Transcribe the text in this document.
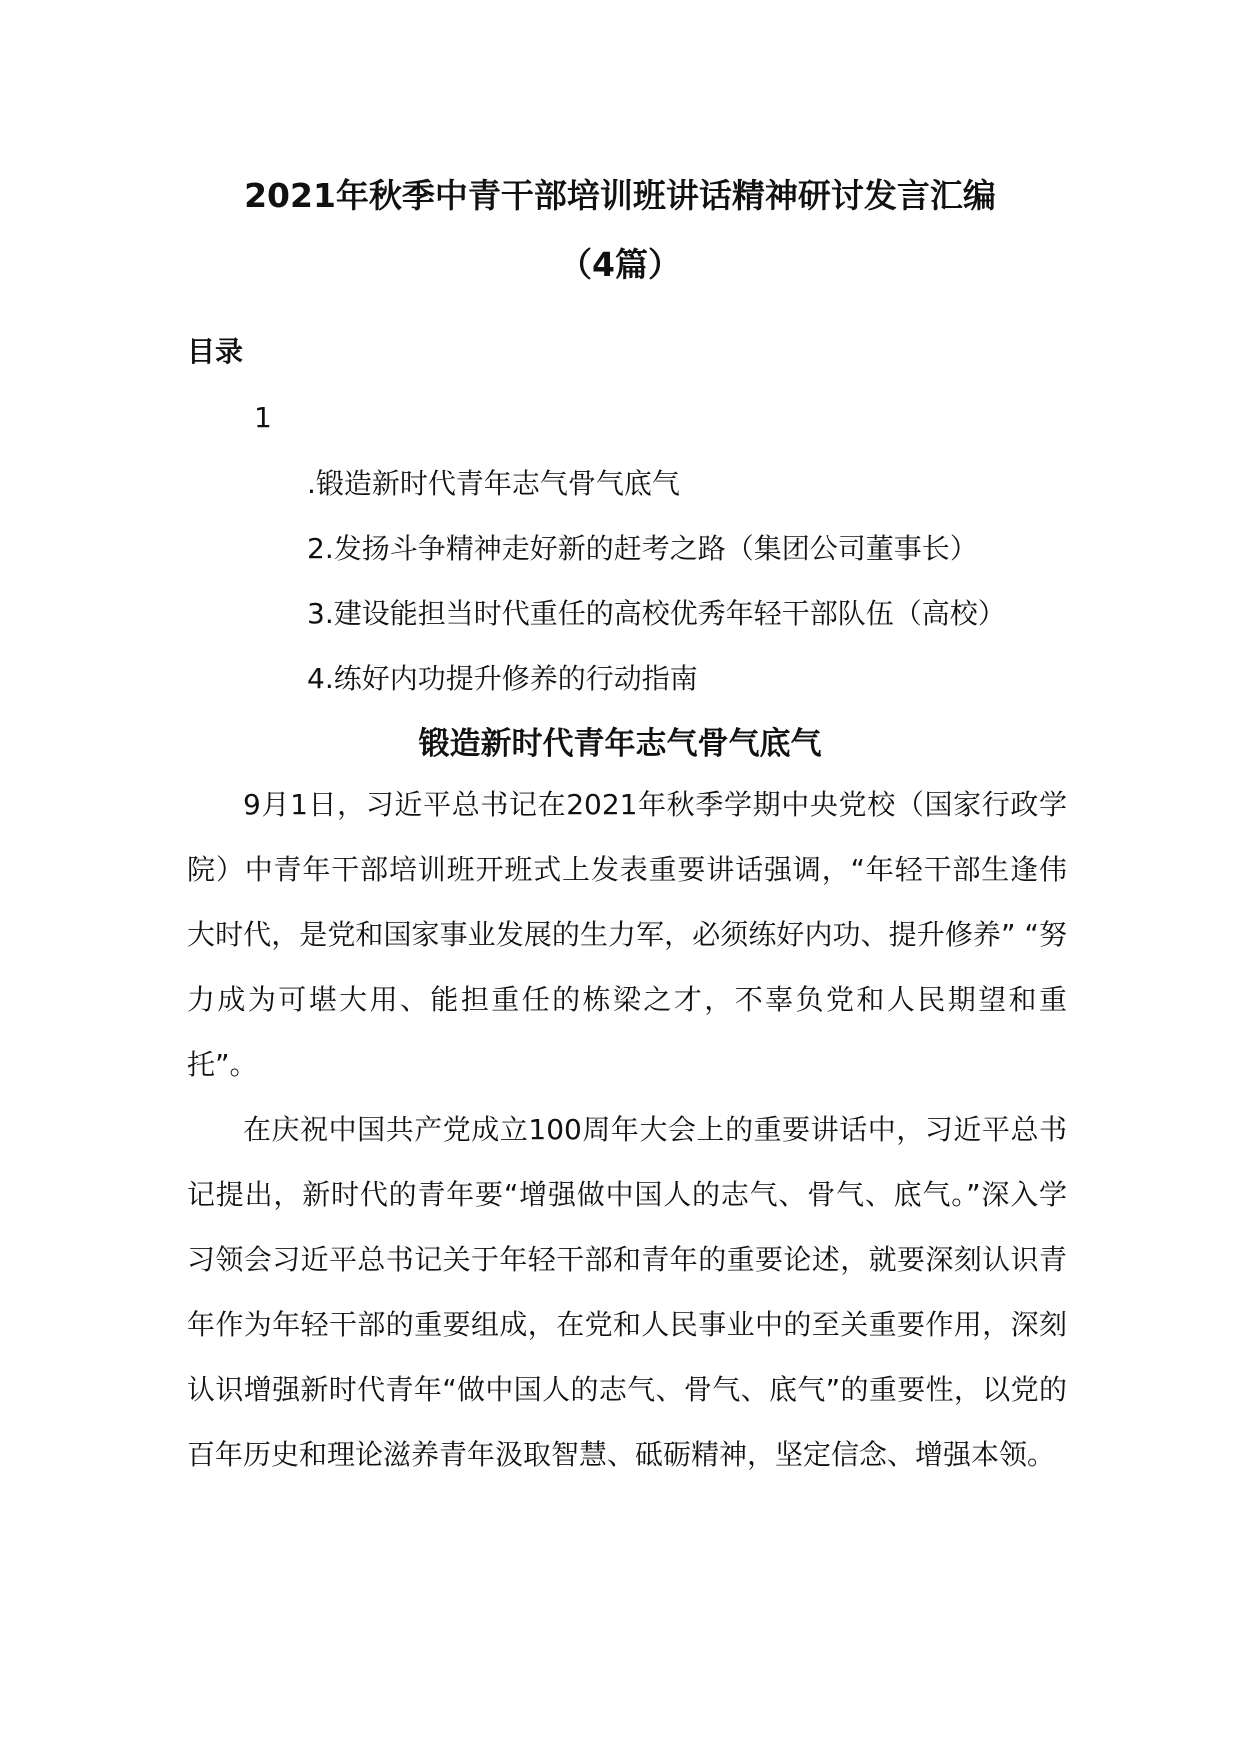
2021年秋季中青干部培训班讲话精神研讨发言汇编
（4篇）
目录
1
.锻造新时代青年志气骨气底气
2.发扬斗争精神走好新的赶考之路（集团公司董事长）
3.建设能担当时代重任的高校优秀年轻干部队伍（高校）
4.练好内功提升修养的行动指南
锻造新时代青年志气骨气底气

9月1日，习近平总书记在2021年秋季学期中央党校（国家行政学院）中青年干部培训班开班式上发表重要讲话强调，“年轻干部生逢伟大时代，是党和国家事业发展的生力军，必须练好内功、提升修养” “努力成为可堪大用、能担重任的栋梁之才，不辜负党和人民期望和重托”。

在庆祝中国共产党成立100周年大会上的重要讲话中，习近平总书记提出，新时代的青年要“增强做中国人的志气、骨气、底气。”深入学习领会习近平总书记关于年轻干部和青年的重要论述，就要深刻认识青年作为年轻干部的重要组成，在党和人民事业中的至关重要作用，深刻认识增强新时代青年“做中国人的志气、骨气、底气”的重要性，以党的百年历史和理论滋养青年汲取智慧、砥砺精神，坚定信念、增强本领。
